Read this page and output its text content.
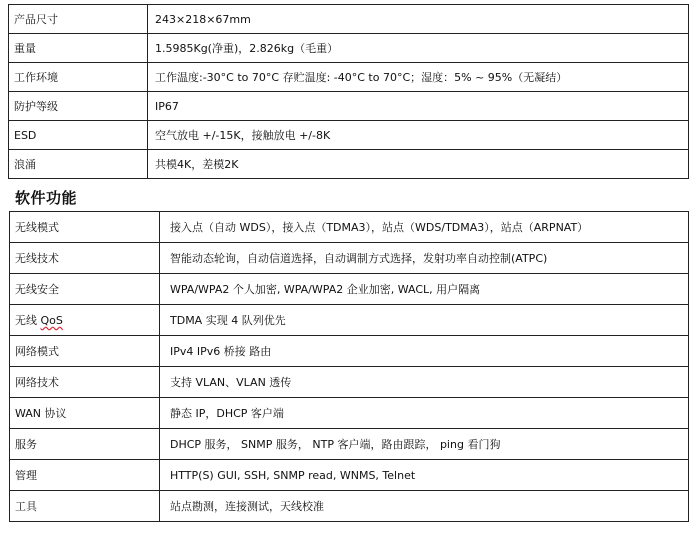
产品尺寸	243×218×67mm
重量	1.5985Kg(净重)，2.826kg（毛重）
工作环境	工作温度:-30°C to 70°C 存贮温度: -40°C to 70°C；湿度：5% ~ 95%（无凝结）
防护等级	IP67
ESD	空气放电 +/-15K，接触放电 +/-8K
浪涌	共模4K，差模2K
软件功能
无线模式	接入点（自动 WDS），接入点（TDMA3），站点（WDS/TDMA3），站点（ARPNAT）
无线技术	智能动态轮询，自动信道选择，自动调制方式选择，发射功率自动控制(ATPC)
无线安全	WPA/WPA2 个人加密, WPA/WPA2 企业加密, WACL, 用户隔离
无线 QoS	TDMA 实现 4 队列优先
网络模式	IPv4 IPv6 桥接 路由
网络技术	支持 VLAN、VLAN 透传
WAN 协议	静态 IP，DHCP 客户端
服务	DHCP 服务， SNMP 服务， NTP 客户端，路由跟踪， ping 看门狗
管理	HTTP(S) GUI, SSH, SNMP read, WNMS, Telnet
工具	站点勘测，连接测试，天线校准
